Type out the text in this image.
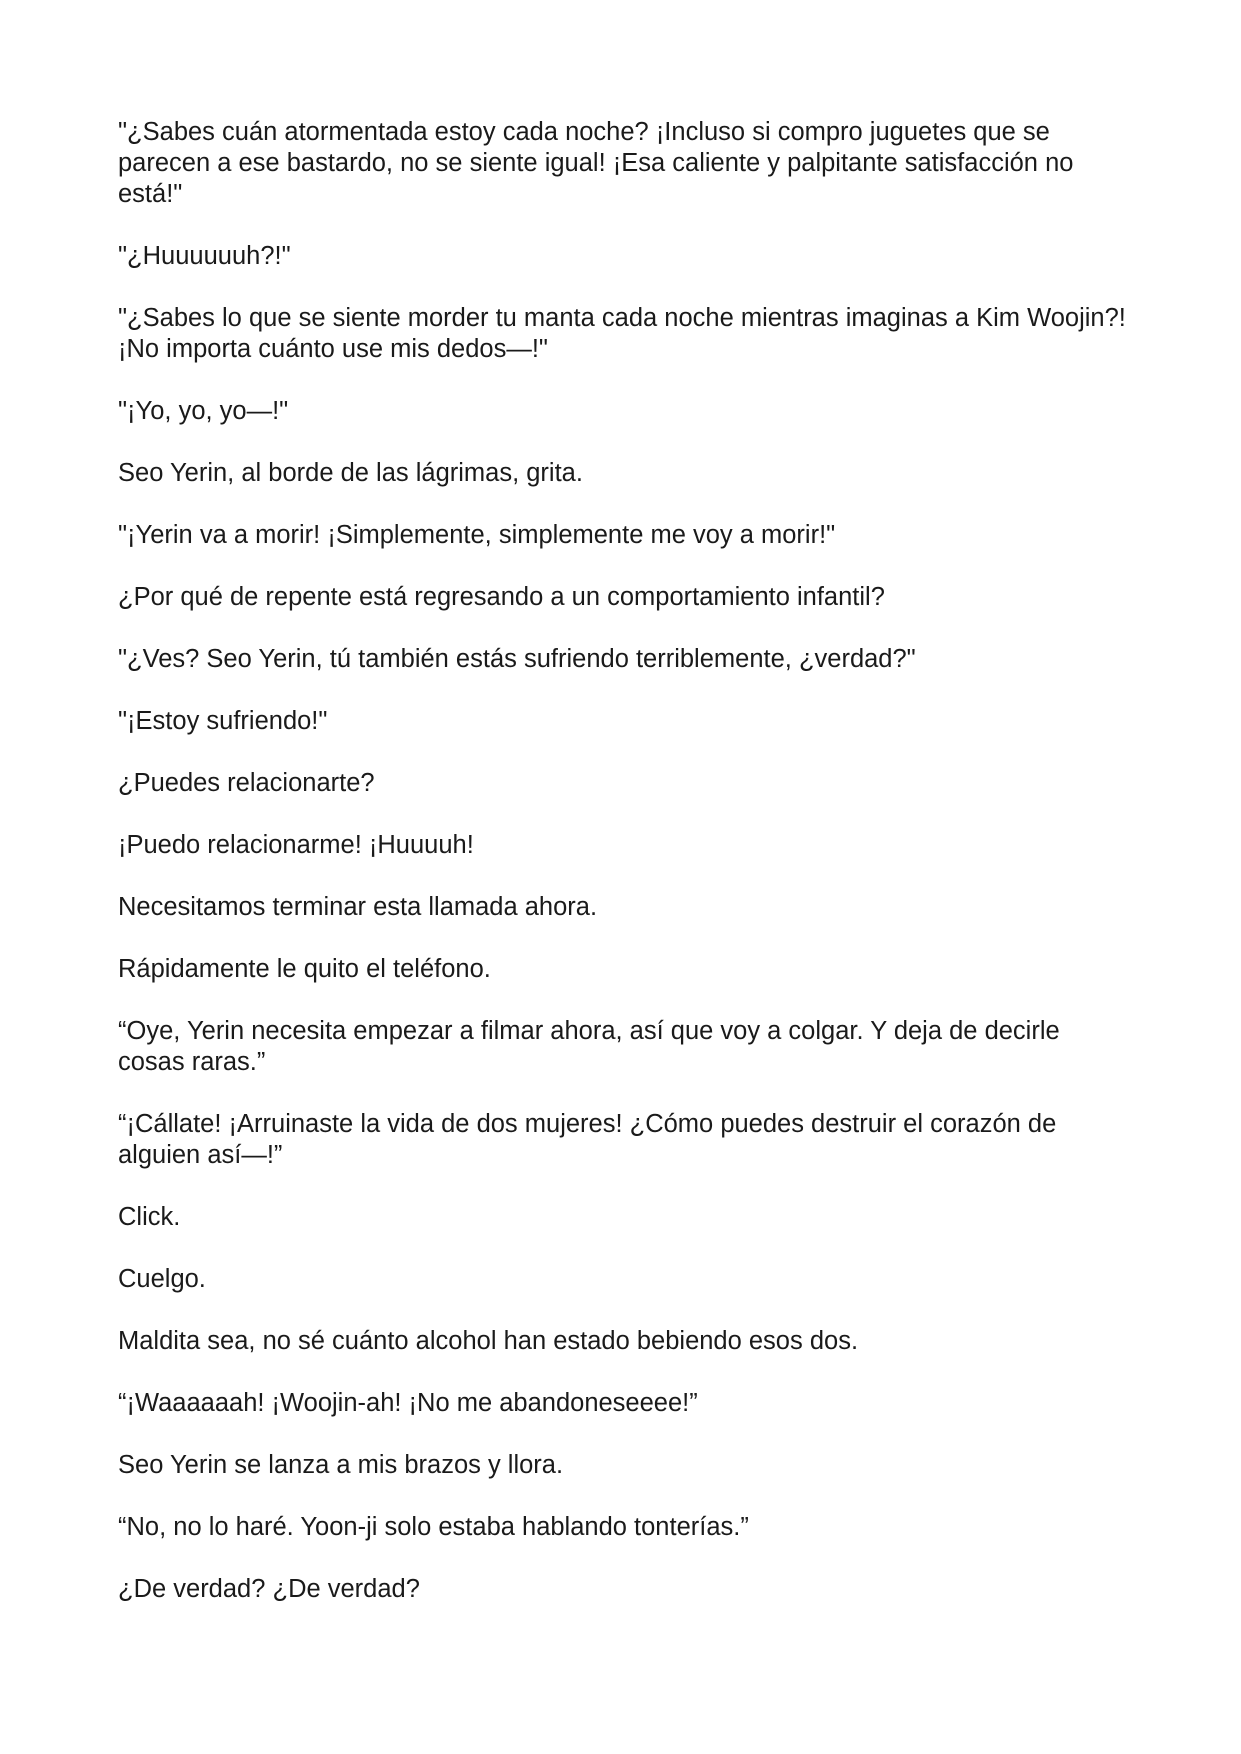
"¿Sabes cuán atormentada estoy cada noche? ¡Incluso si compro juguetes que se parecen a ese bastardo, no se siente igual! ¡Esa caliente y palpitante satisfacción no está!"

"¿Huuuuuuh?!"

"¿Sabes lo que se siente morder tu manta cada noche mientras imaginas a Kim Woojin?! ¡No importa cuánto use mis dedos—!"

"¡Yo, yo, yo—!"

Seo Yerin, al borde de las lágrimas, grita.

"¡Yerin va a morir! ¡Simplemente, simplemente me voy a morir!"

¿Por qué de repente está regresando a un comportamiento infantil?

"¿Ves? Seo Yerin, tú también estás sufriendo terriblemente, ¿verdad?"

"¡Estoy sufriendo!"

¿Puedes relacionarte?

¡Puedo relacionarme! ¡Huuuuh!

Necesitamos terminar esta llamada ahora.

Rápidamente le quito el teléfono.

“Oye, Yerin necesita empezar a filmar ahora, así que voy a colgar. Y deja de decirle cosas raras.”

“¡Cállate! ¡Arruinaste la vida de dos mujeres! ¿Cómo puedes destruir el corazón de alguien así—!”

Click.

Cuelgo.

Maldita sea, no sé cuánto alcohol han estado bebiendo esos dos.

“¡Waaaaaah! ¡Woojin-ah! ¡No me abandoneseeee!”

Seo Yerin se lanza a mis brazos y llora.

“No, no lo haré. Yoon-ji solo estaba hablando tonterías.”

¿De verdad? ¿De verdad?
